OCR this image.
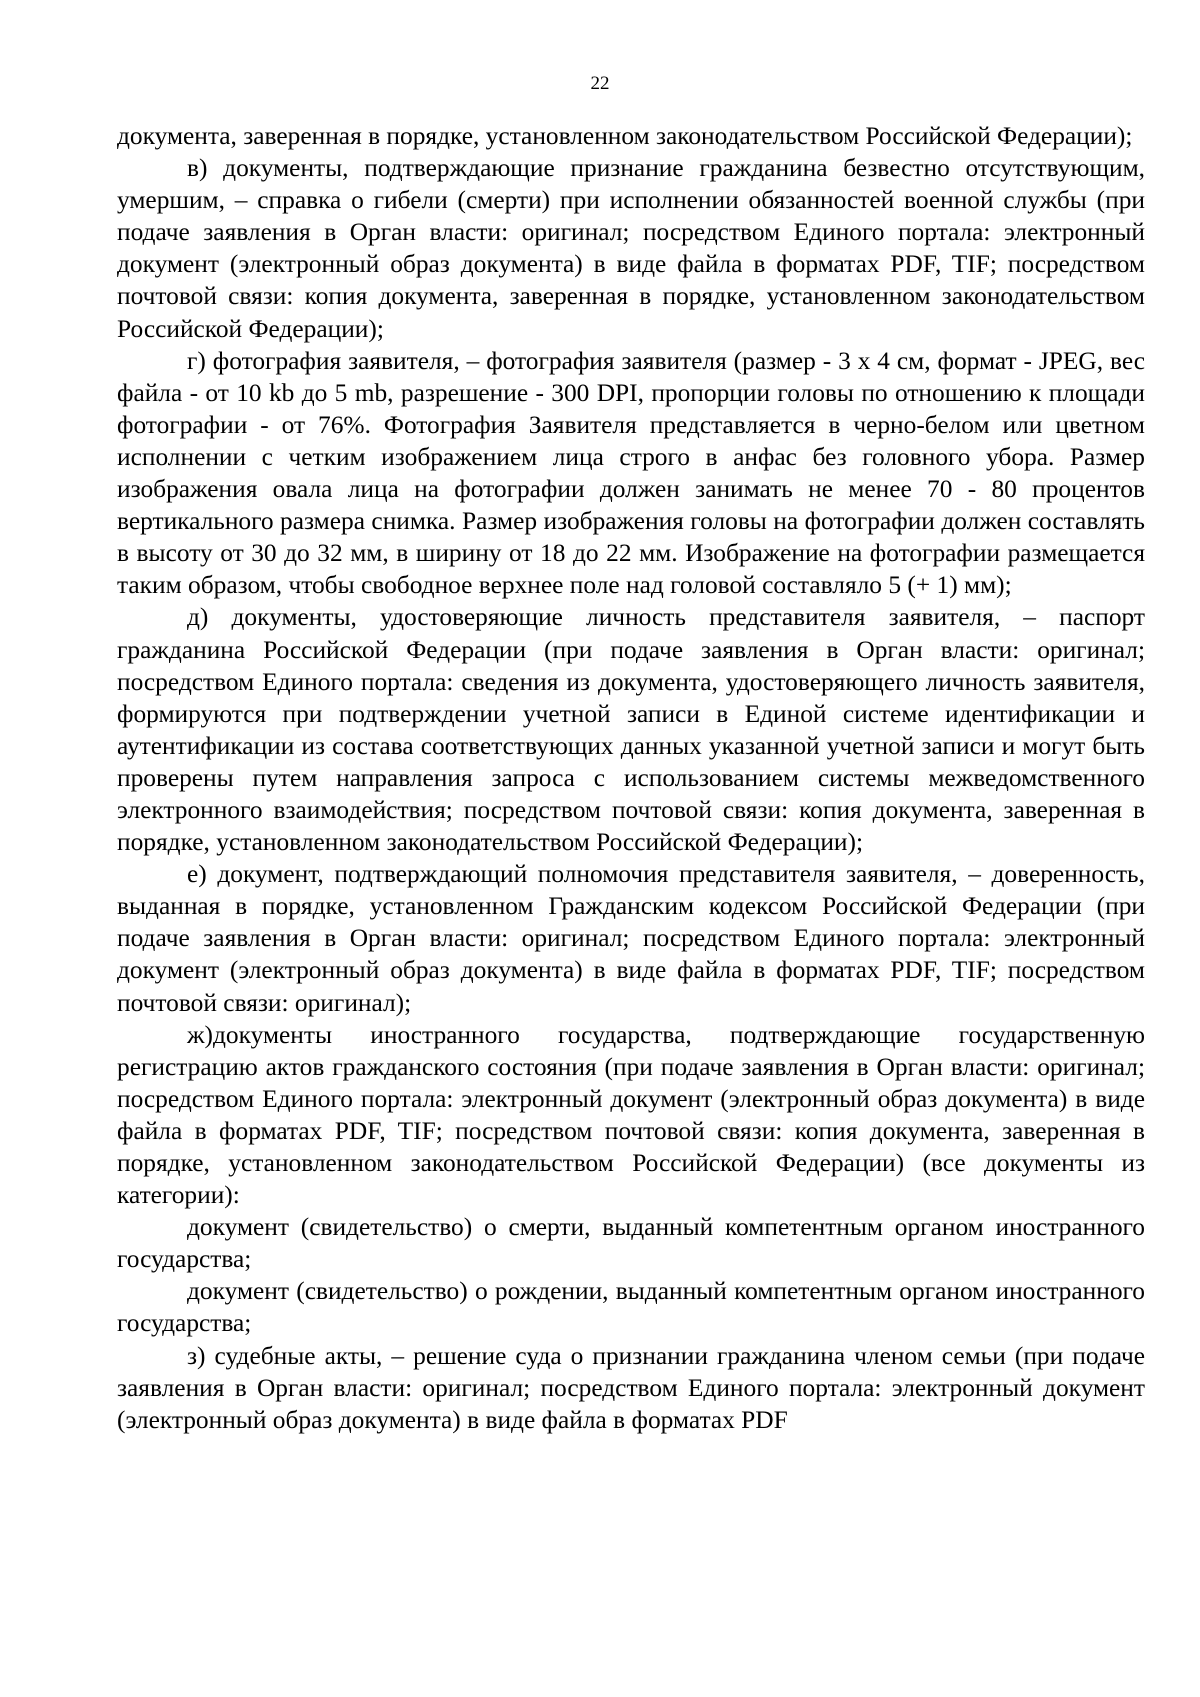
22

документа, заверенная в порядке, установленном законодательством Российской Федерации);

в) документы, подтверждающие признание гражданина безвестно отсутствующим, умершим, – справка о гибели (смерти) при исполнении обязанностей военной службы (при подаче заявления в Орган власти: оригинал; посредством Единого портала: электронный документ (электронный образ документа) в виде файла в форматах PDF, TIF; посредством почтовой связи: копия документа, заверенная в порядке, установленном законодательством Российской Федерации);

г) фотография заявителя, – фотография заявителя (размер - 3 х 4 см, формат - JPEG, вес файла - от 10 kb до 5 mb, разрешение - 300 DPI, пропорции головы по отношению к площади фотографии - от 76%. Фотография Заявителя представляется в черно-белом или цветном исполнении с четким изображением лица строго в анфас без головного убора. Размер изображения овала лица на фотографии должен занимать не менее 70 - 80 процентов вертикального размера снимка. Размер изображения головы на фотографии должен составлять в высоту от 30 до 32 мм, в ширину от 18 до 22 мм. Изображение на фотографии размещается таким образом, чтобы свободное верхнее поле над головой составляло 5 (+ 1) мм);

д) документы, удостоверяющие личность представителя заявителя, – паспорт гражданина Российской Федерации (при подаче заявления в Орган власти: оригинал; посредством Единого портала: сведения из документа, удостоверяющего личность заявителя, формируются при подтверждении учетной записи в Единой системе идентификации и аутентификации из состава соответствующих данных указанной учетной записи и могут быть проверены путем направления запроса с использованием системы межведомственного электронного взаимодействия; посредством почтовой связи: копия документа, заверенная в порядке, установленном законодательством Российской Федерации);

е) документ, подтверждающий полномочия представителя заявителя, – доверенность, выданная в порядке, установленном Гражданским кодексом Российской Федерации (при подаче заявления в Орган власти: оригинал; посредством Единого портала: электронный документ (электронный образ документа) в виде файла в форматах PDF, TIF; посредством почтовой связи: оригинал);

ж)документы иностранного государства, подтверждающие государственную регистрацию актов гражданского состояния (при подаче заявления в Орган власти: оригинал; посредством Единого портала: электронный документ (электронный образ документа) в виде файла в форматах PDF, TIF; посредством почтовой связи: копия документа, заверенная в порядке, установленном законодательством Российской Федерации) (все документы из категории):

документ (свидетельство) о смерти, выданный компетентным органом иностранного государства;

документ (свидетельство) о рождении, выданный компетентным органом иностранного государства;

з) судебные акты, – решение суда о признании гражданина членом семьи (при подаче заявления в Орган власти: оригинал; посредством Единого портала: электронный документ (электронный образ документа) в виде файла в форматах PDF
